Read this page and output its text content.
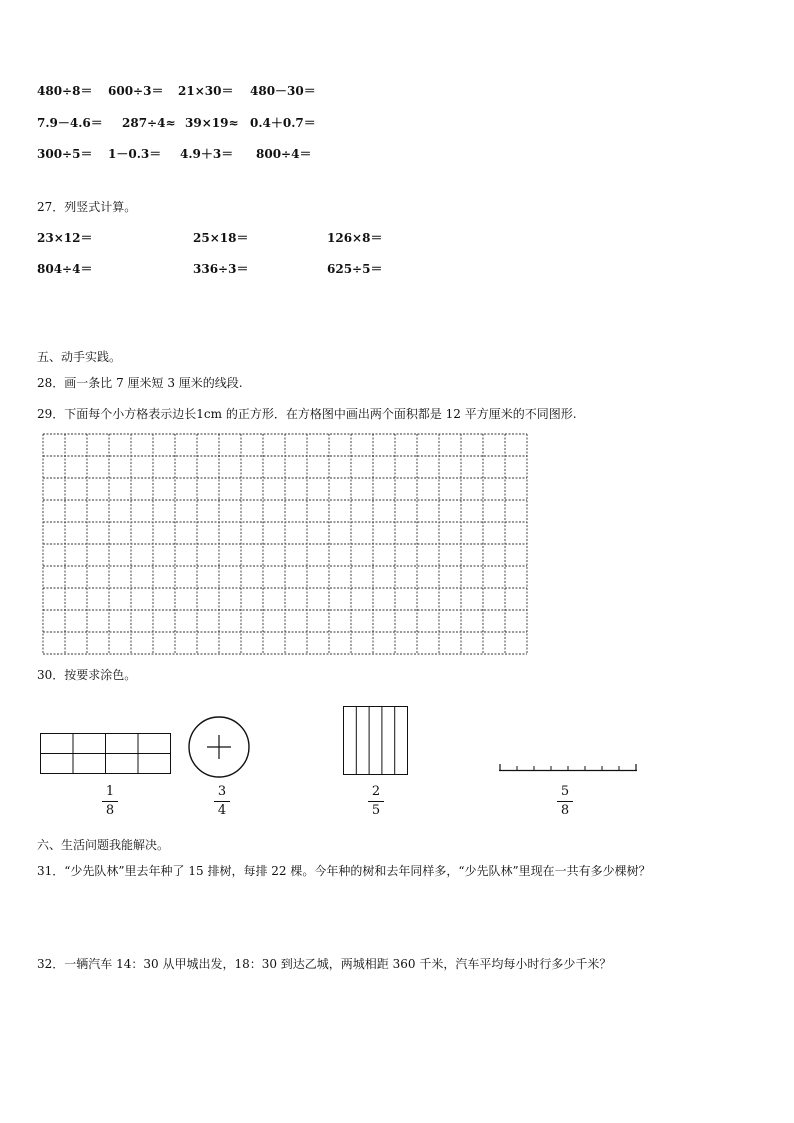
480÷8＝ 600÷3＝ 21×30＝ 480－30＝
7.9－4.6＝ 287÷4≈ 39×19≈ 0.4＋0.7＝
300÷5＝ 1－0.3＝ 4.9＋3＝ 800÷4＝
27．列竖式计算。
23×12＝	25×18＝	126×8＝
804÷4＝	336÷3＝	625÷5＝
五、动手实践。
28．画一条比 7 厘米短 3 厘米的线段.
29．下面每个小方格表示边长1cm 的正方形．在方格图中画出两个面积都是 12 平方厘米的不同图形.
30．按要求涂色。
1
8
3
4
2
5
5
8
六、生活问题我能解决。
31．“少先队林”里去年种了 15 排树，每排 22 棵。今年种的树和去年同样多，“少先队林”里现在一共有多少棵树？
32．一辆汽车 14：30 从甲城出发，18：30 到达乙城，两城相距 360 千米，汽车平均每小时行多少千米？
